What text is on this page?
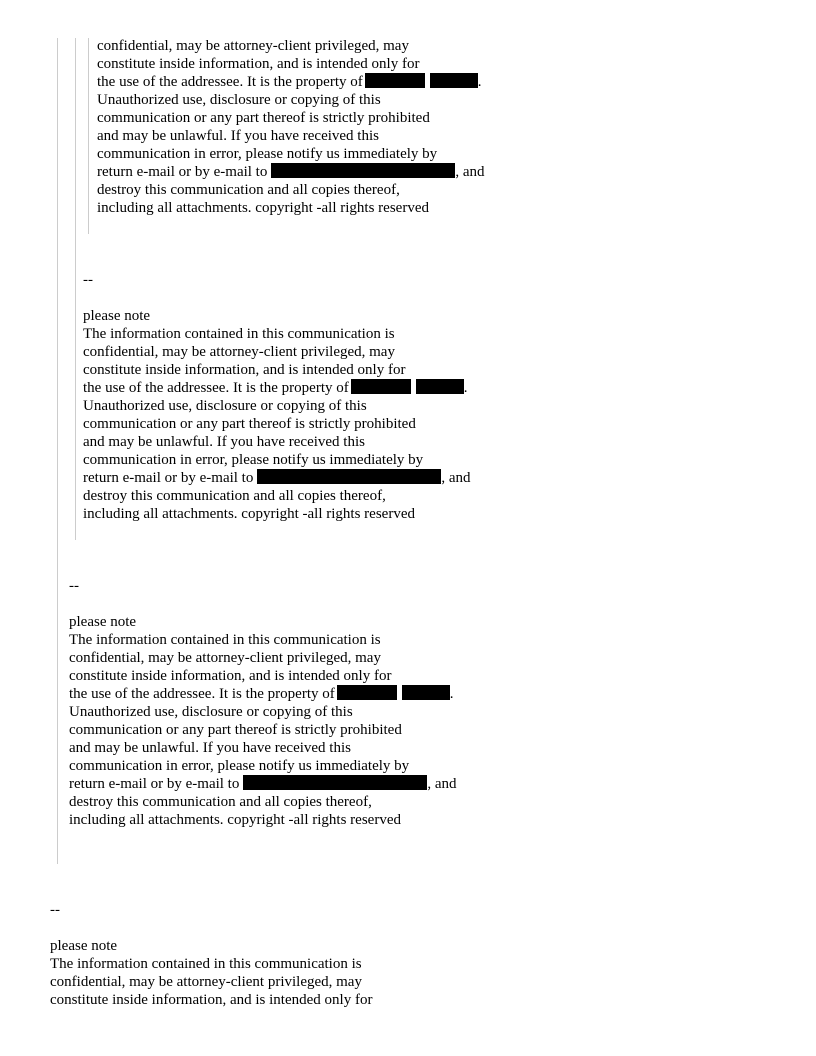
confidential, may be attorney-client privileged, may
constitute inside information, and is intended only for
the use of the addressee. It is the property of	.
Unauthorized use, disclosure or copying of this
communication or any part thereof is strictly prohibited
and may be unlawful. If you have received this
communication in error, please notify us immediately by
return e-mail or by e-mail to	, and
destroy this communication and all copies thereof,
including all attachments. copyright -all rights reserved
--
please note
The information contained in this communication is
confidential, may be attorney-client privileged, may
constitute inside information, and is intended only for
the use of the addressee. It is the property of	.
Unauthorized use, disclosure or copying of this
communication or any part thereof is strictly prohibited
and may be unlawful. If you have received this
communication in error, please notify us immediately by
return e-mail or by e-mail to	, and
destroy this communication and all copies thereof,
including all attachments. copyright -all rights reserved
--
please note
The information contained in this communication is
confidential, may be attorney-client privileged, may
constitute inside information, and is intended only for
the use of the addressee. It is the property of	.
Unauthorized use, disclosure or copying of this
communication or any part thereof is strictly prohibited
and may be unlawful. If you have received this
communication in error, please notify us immediately by
return e-mail or by e-mail to	, and
destroy this communication and all copies thereof,
including all attachments. copyright -all rights reserved
--
please note
The information contained in this communication is
confidential, may be attorney-client privileged, may
constitute inside information, and is intended only for
